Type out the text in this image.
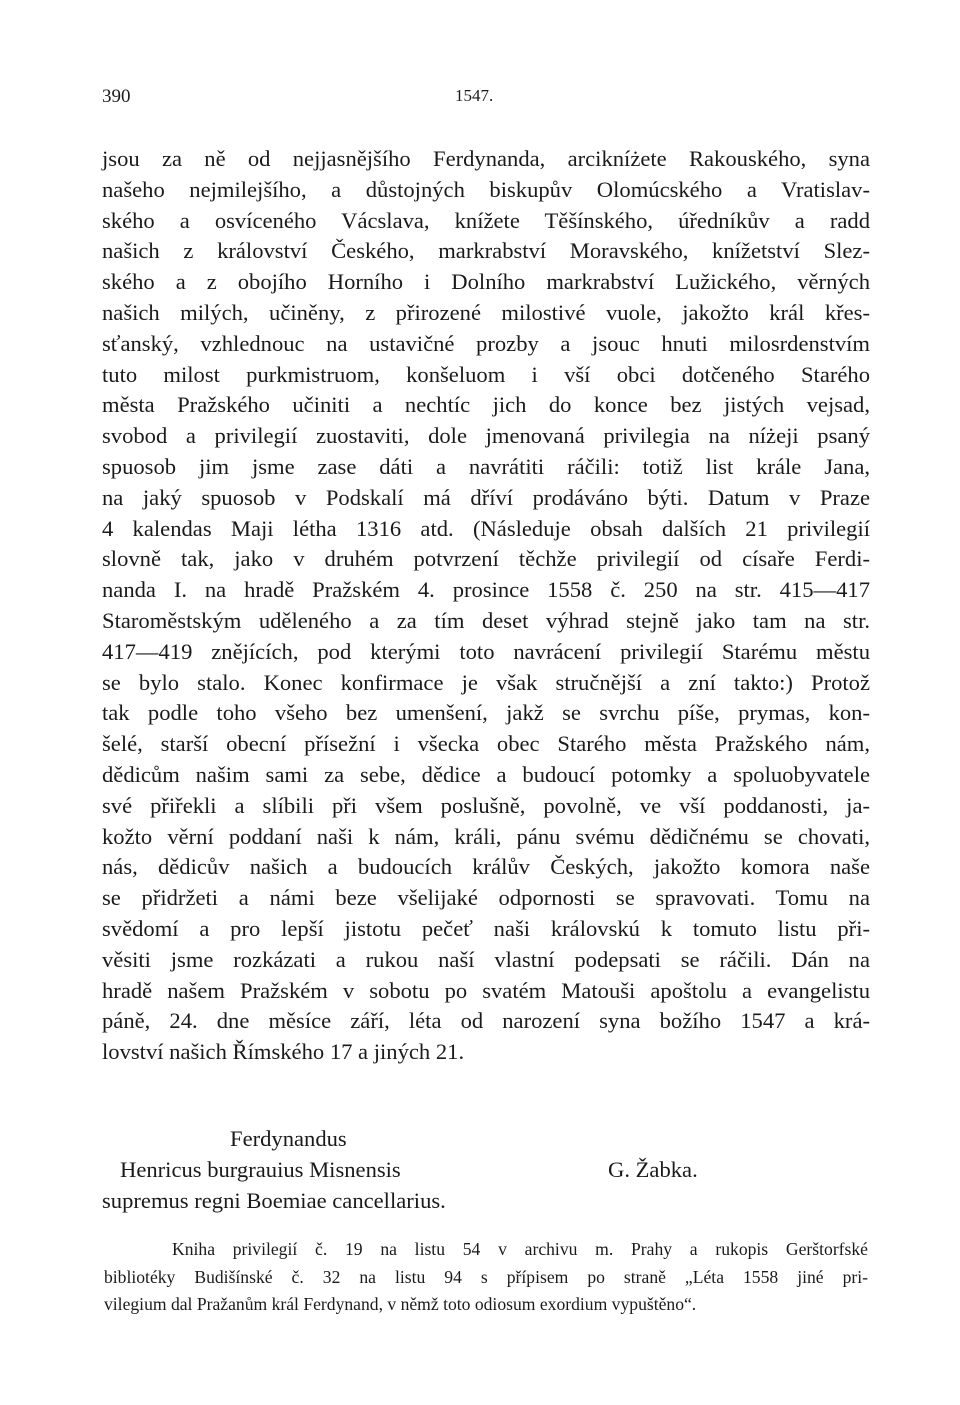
390	1547.
jsou za ně od nejjasnějšího Ferdynanda, arcikníżete Rakouského, syna
našeho nejmilejšího, a důstojných biskupův Olomúcského a Vratislav-
ského a osvíceného Vácslava, knížete Těšínského, úředníkův a radd
našich z království Českého, markrabství Moravského, knížetství Slez-
ského a z obojího Horního i Dolního markrabství Lužického, věrných
našich milých, učiněny, z přirozené milostivé vuole, jakožto král křes-
sťanský, vzhlednouc na ustavičné prozby a jsouc hnuti milosrdenstvím
tuto milost purkmistruom, konšeluom i vší obci dotčeného Starého
města Pražského učiniti a nechtíc jich do konce bez jistých vejsad,
svobod a privilegií zuostaviti, dole jmenovaná privilegia na níżeji psaný
spuosob jim jsme zase dáti a navrátiti ráčili: totiž list krále Jana,
na jaký spuosob v Podskalí má dříví prodáváno býti. Datum v Praze
4 kalendas Maji létha 1316 atd. (Následuje obsah dalších 21 privilegií
slovně tak, jako v druhém potvrzení těchže privilegií od císaře Ferdi-
nanda I. na hradě Pražském 4. prosince 1558 č. 250 na str. 415—417
Staroměstským uděleného a za tím deset výhrad stejně jako tam na str.
417—419 znějících, pod kterými toto navrácení privilegií Starému městu
se bylo stalo. Konec konfirmace je však stručnější a zní takto:) Protož
tak podle toho všeho bez umenšení, jakž se svrchu píše, prymas, kon-
šelé, starší obecní přísežní i všecka obec Starého města Pražského nám,
dědicům našim sami za sebe, dědice a budoucí potomky a spoluobyvatele
své přiřekli a slíbili při všem poslušně, povolně, ve vší poddanosti, ja-
kožto věrní poddaní naši k nám, králi, pánu svému dědičnému se chovati,
nás, dědicův našich a budoucích králův Českých, jakožto komora naše
se přidržeti a námi beze všelijaké odpornosti se spravovati. Tomu na
svědomí a pro lepší jistotu pečeť naši královskú k tomuto listu při-
věsiti jsme rozkázati a rukou naší vlastní podepsati se ráčili. Dán na
hradě našem Pražském v sobotu po svatém Matouši apoštolu a evangelistu
páně, 24. dne měsíce září, léta od narození syna božího 1547 a krá-
lovství našich Římského 17 a jiných 21.
Ferdynandus
Henricus burgrauius Misnensis	G. Žabka.
supremus regni Boemiae cancellarius.
Kniha privilegií č. 19 na listu 54 v archivu m. Prahy a rukopis Gerštorfské
bibliotéky Budišínské č. 32 na listu 94 s přípisem po straně „Léta 1558 jiné pri-
vilegium dal Pražanům král Ferdynand, v němž toto odiosum exordium vypuštěno“.
